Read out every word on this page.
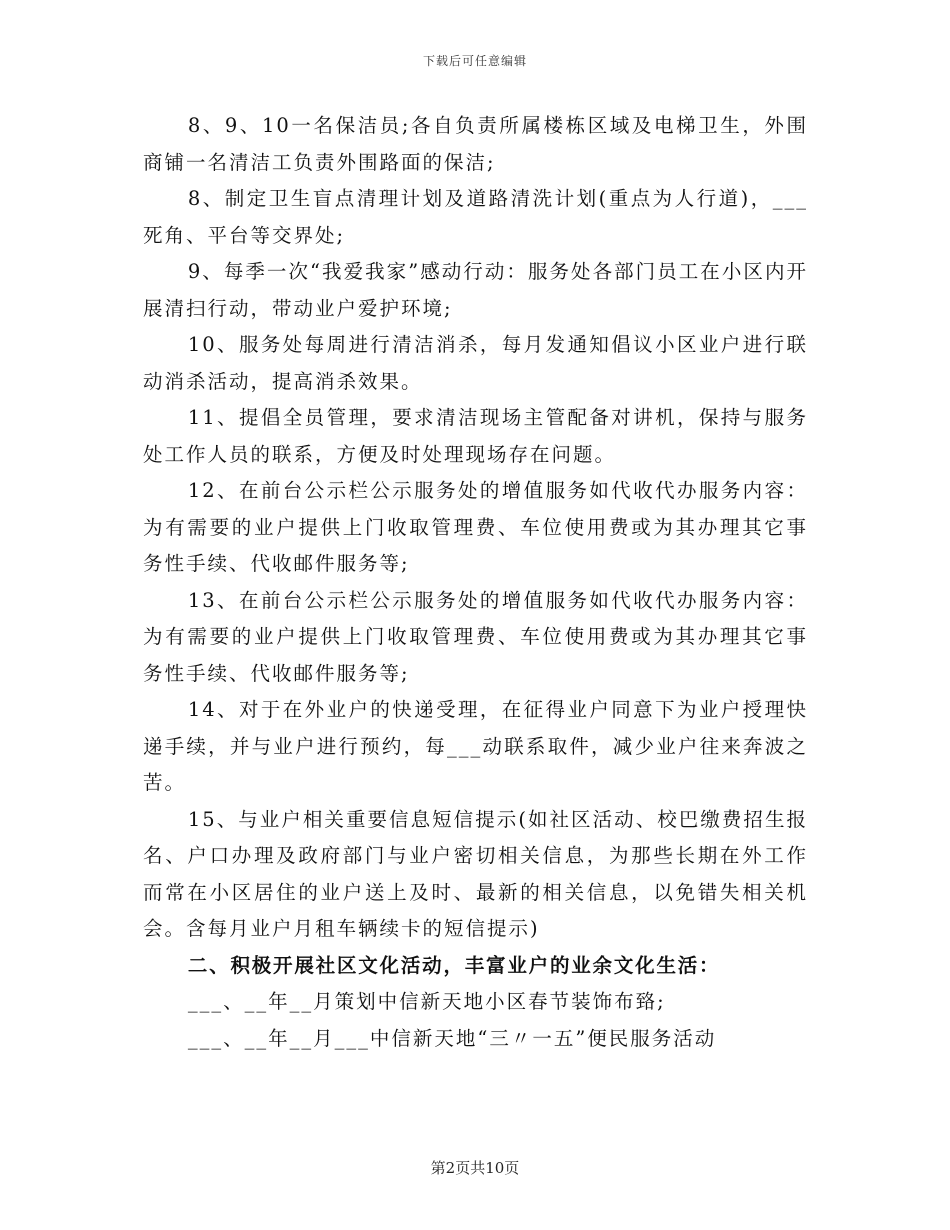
下载后可任意编辑

8、9、10一名保洁员;各自负责所属楼栋区域及电梯卫生，外围商铺一名清洁工负责外围路面的保洁;

8、制定卫生盲点清理计划及道路清洗计划(重点为人行道)，___死角、平台等交界处;

9、每季一次“我爱我家”感动行动：服务处各部门员工在小区内开展清扫行动，带动业户爱护环境;

10、服务处每周进行清洁消杀，每月发通知倡议小区业户进行联动消杀活动，提高消杀效果。

11、提倡全员管理，要求清洁现场主管配备对讲机，保持与服务处工作人员的联系，方便及时处理现场存在问题。

12、在前台公示栏公示服务处的增值服务如代收代办服务内容：为有需要的业户提供上门收取管理费、车位使用费或为其办理其它事务性手续、代收邮件服务等;

13、在前台公示栏公示服务处的增值服务如代收代办服务内容：为有需要的业户提供上门收取管理费、车位使用费或为其办理其它事务性手续、代收邮件服务等;

14、对于在外业户的快递受理，在征得业户同意下为业户授理快递手续，并与业户进行预约，每___动联系取件，减少业户往来奔波之苦。

15、与业户相关重要信息短信提示(如社区活动、校巴缴费招生报名、户口办理及政府部门与业户密切相关信息，为那些长期在外工作而常在小区居住的业户送上及时、最新的相关信息，以免错失相关机会。含每月业户月租车辆续卡的短信提示)

二、积极开展社区文化活动，丰富业户的业余文化生活：

___、__年__月策划中信新天地小区春节装饰布臵;

___、__年__月___中信新天地“三〃一五”便民服务活动

第2页共10页
